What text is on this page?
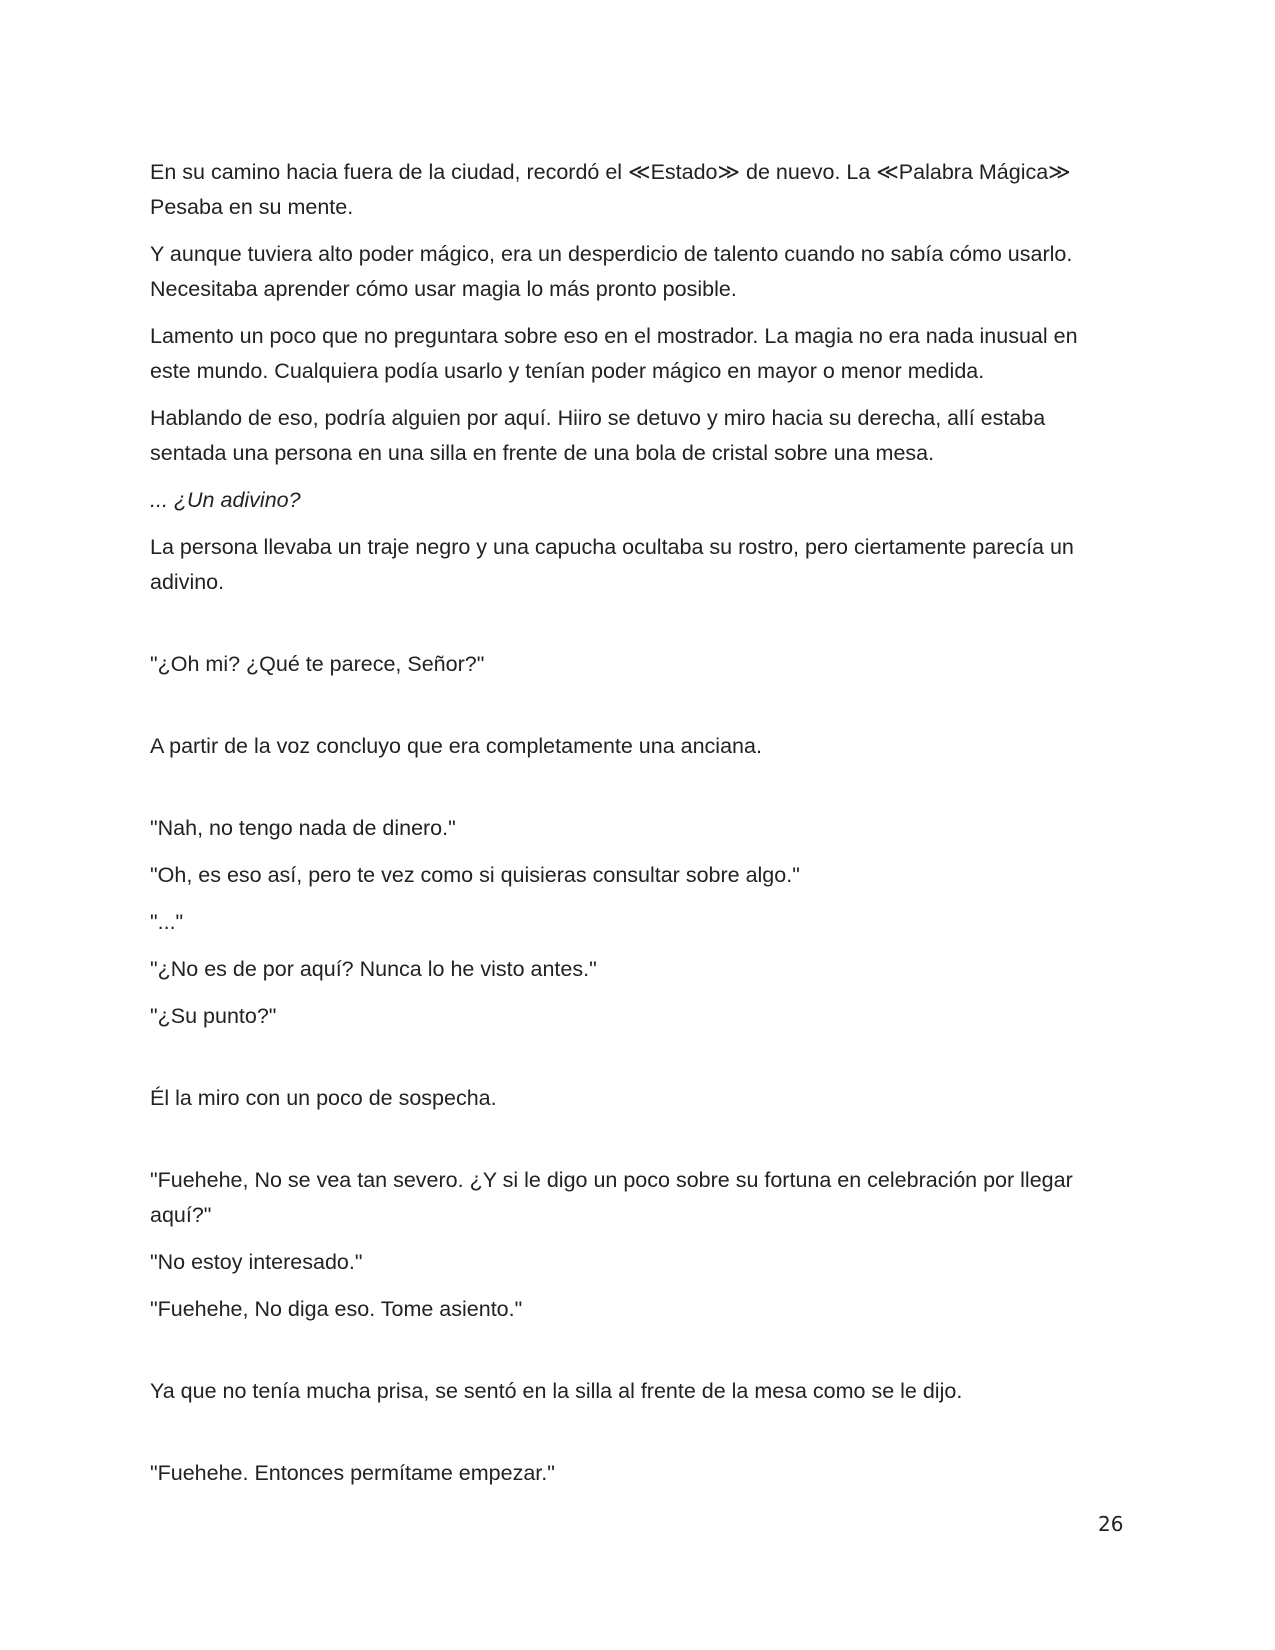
En su camino hacia fuera de la ciudad, recordó el ≪Estado≫ de nuevo. La ≪Palabra Mágica≫ Pesaba en su mente.

Y aunque tuviera alto poder mágico, era un desperdicio de talento cuando no sabía cómo usarlo. Necesitaba aprender cómo usar magia lo más pronto posible.

Lamento un poco que no preguntara sobre eso en el mostrador. La magia no era nada inusual en este mundo. Cualquiera podía usarlo y tenían poder mágico en mayor o menor medida.

Hablando de eso, podría alguien por aquí. Hiiro se detuvo y miro hacia su derecha, allí estaba sentada una persona en una silla en frente de una bola de cristal sobre una mesa.

... ¿Un adivino?

La persona llevaba un traje negro y una capucha ocultaba su rostro, pero ciertamente parecía un adivino.

"¿Oh mi? ¿Qué te parece, Señor?"

A partir de la voz concluyo que era completamente una anciana.

"Nah, no tengo nada de dinero."

"Oh, es eso así, pero te vez como si quisieras consultar sobre algo."

"..."

"¿No es de por aquí? Nunca lo he visto antes."

"¿Su punto?"

Él la miro con un poco de sospecha.

"Fuehehe, No se vea tan severo. ¿Y si le digo un poco sobre su fortuna en celebración por llegar aquí?"

"No estoy interesado."

"Fuehehe, No diga eso. Tome asiento."

Ya que no tenía mucha prisa, se sentó en la silla al frente de la mesa como se le dijo.

"Fuehehe. Entonces permítame empezar."

26
